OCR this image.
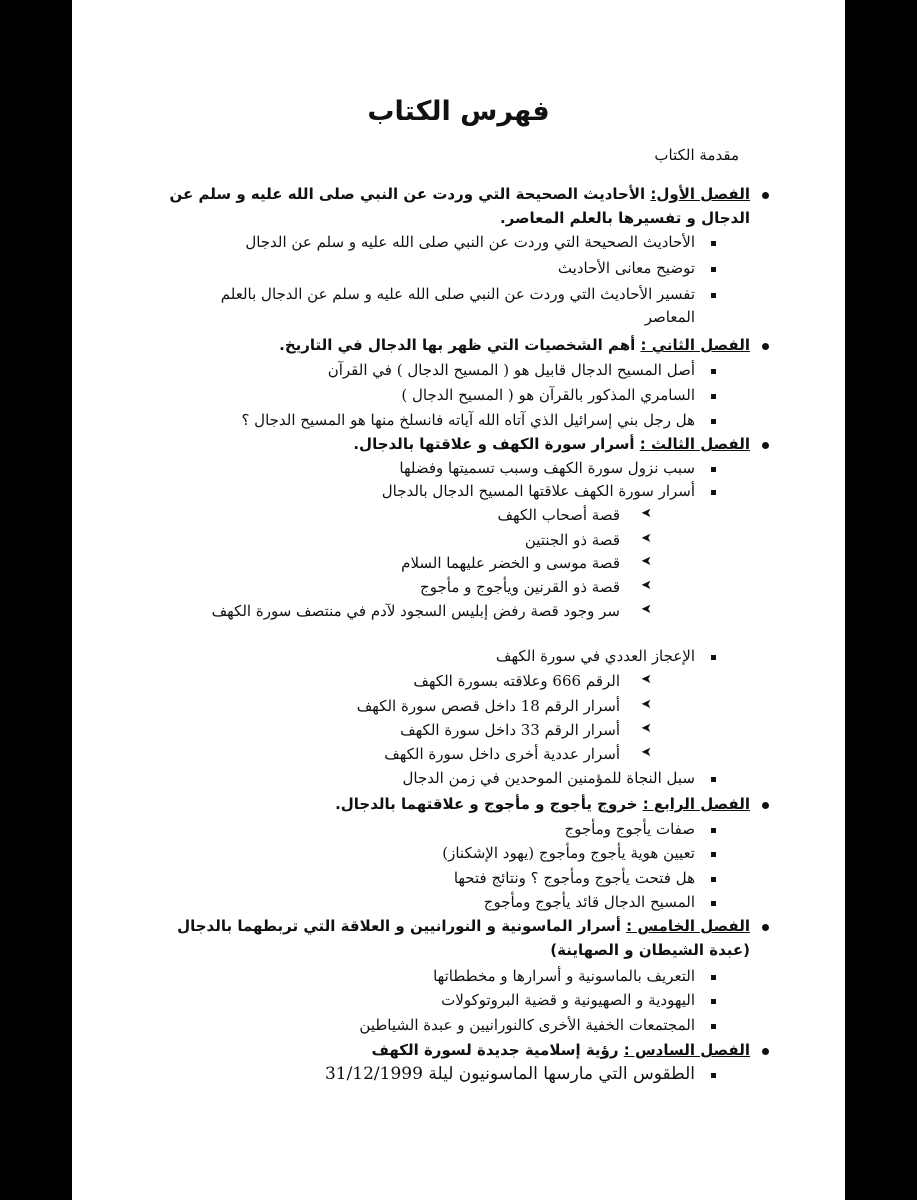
فهرس الكتاب
مقدمة الكتاب
الفصل الأول: الأحاديث الصحيحة التي وردت عن النبي صلى الله عليه و سلم عن الدجال و تفسيرها بالعلم المعاصر.
الأحاديث الصحيحة التي وردت عن النبي صلى الله عليه و سلم عن الدجال
توضيح معانى الأحاديث
تفسير الأحاديث التي وردت عن النبي صلى الله عليه و سلم عن الدجال بالعلم المعاصر
الفصل الثاني : أهم الشخصيات التي ظهر بها الدجال في التاريخ.
أصل المسيح الدجال قابيل هو ( المسيح الدجال ) في القرآن
السامري المذكور بالقرآن هو ( المسيح الدجال )
هل رجل بني إسرائيل الذي آتاه الله آياته فانسلخ منها هو المسيح الدجال ؟
الفصل الثالث : أسرار سورة الكهف و علاقتها بالدجال.
سبب نزول سورة الكهف وسبب تسميتها وفضلها
أسرار سورة الكهف علاقتها المسيح الدجال بالدجال
➤
قصة أصحاب الكهف
➤
قصة ذو الجنتين
➤
قصة موسى و الخضر عليهما السلام
➤
قصة ذو القرنين ويأجوج و مأجوج
➤
سر وجود قصة رفض إبليس السجود لآدم في منتصف سورة الكهف
الإعجاز العددي في سورة الكهف
➤
الرقم 666 وعلاقته بسورة الكهف
➤
أسرار الرقم 18 داخل قصص سورة الكهف
➤
أسرار الرقم 33 داخل سورة الكهف
➤
أسرار عددية أخرى داخل سورة الكهف
سبل النجاة للمؤمنين الموحدين في زمن الدجال
الفصل الرابع : خروج يأجوج و مأجوج و علاقتهما بالدجال.
صفات يأجوج ومأجوج
تعيين هوية يأجوج ومأجوج (يهود الإشكناز)
هل فتحت يأجوج ومأجوج ؟ ونتائج فتحها
المسيح الدجال قائد يأجوج ومأجوج
الفصل الخامس : أسرار الماسونية و النورانيين و العلاقة التي تربطهما بالدجال (عبدة الشيطان و الصهاينة)
التعريف بالماسونية و أسرارها و مخططاتها
اليهودية و الصهيونية و قضية البروتوكولات
المجتمعات الخفية الأخرى كالنورانيين و عبدة الشياطين
الفصل السادس : رؤية إسلامية جديدة لسورة الكهف
الطقوس التي مارسها الماسونيون ليلة 31/12/1999
